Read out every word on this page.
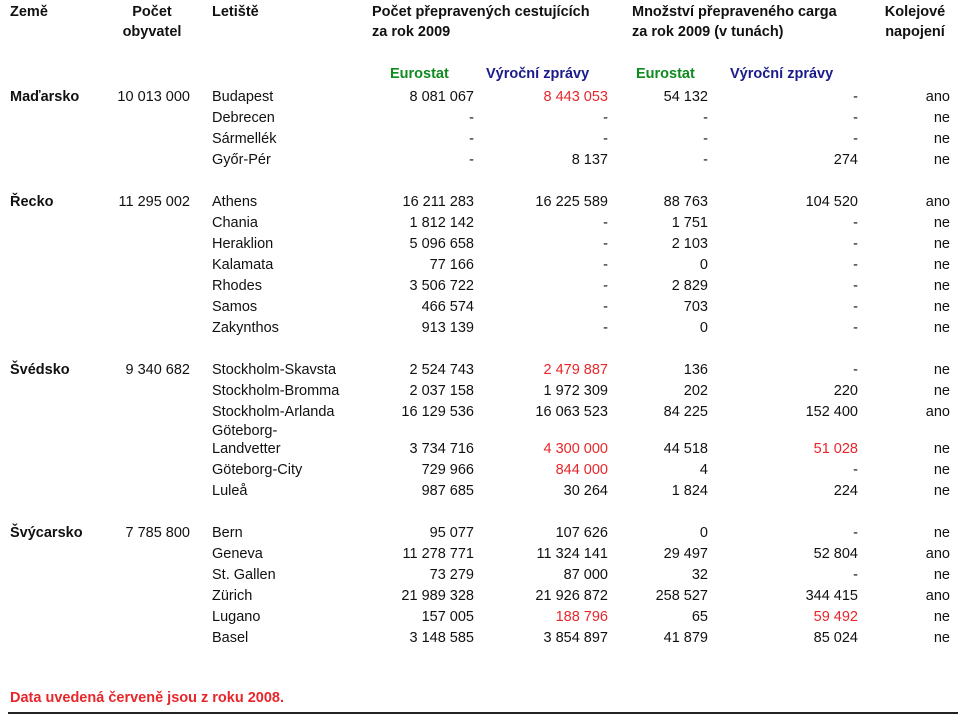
Země	Počet
obyvatel
Letiště	Počet přepravených cestujících
za rok 2009
Množství přepraveného carga
za rok 2009 (v tunách)
Kolejové
napojení
Eurostat	Výroční zprávy	Eurostat Výroční zprávy
Maďarsko	10 013 000 Budapest	8 081 067	8 443 053	54 132	-	ano
Debrecen	-	-	-	-	ne
Sármellék	-	-	-	-	ne
Győr-Pér	-	8 137	-	274	ne
Řecko	11 295 002 Athens	16 211 283	16 225 589	88 763	104 520	ano
Chania	1 812 142	-	1 751	-	ne
Heraklion	5 096 658	-	2 103	-	ne
Kalamata	77 166	-	0	-	ne
Rhodes	3 506 722	-	2 829	-	ne
Samos	466 574	-	703	-	ne
Zakynthos	913 139	-	0	-	ne
Švédsko	9 340 682 Stockholm-Skavsta	2 524 743	2 479 887	136	-	ne
Stockholm-Bromma	2 037 158	1 972 309	202	220	ne
Stockholm-Arlanda	16 129 536	16 063 523	84 225	152 400	ano
Göteborg-
Landvetter	3 734 716	4 300 000	44 518	51 028	ne
Göteborg-City	729 966	844 000	4	-	ne
Luleå	987 685	30 264	1 824	224	ne
Švýcarsko	7 785 800 Bern	95 077	107 626	0	-	ne
Geneva	11 278 771	11 324 141	29 497	52 804	ano
St. Gallen	73 279	87 000	32	-	ne
Zürich	21 989 328	21 926 872	258 527	344 415	ano
Lugano	157 005	188 796	65	59 492	ne
Basel	3 148 585	3 854 897	41 879	85 024	ne
Data uvedená červeně jsou z roku 2008.
